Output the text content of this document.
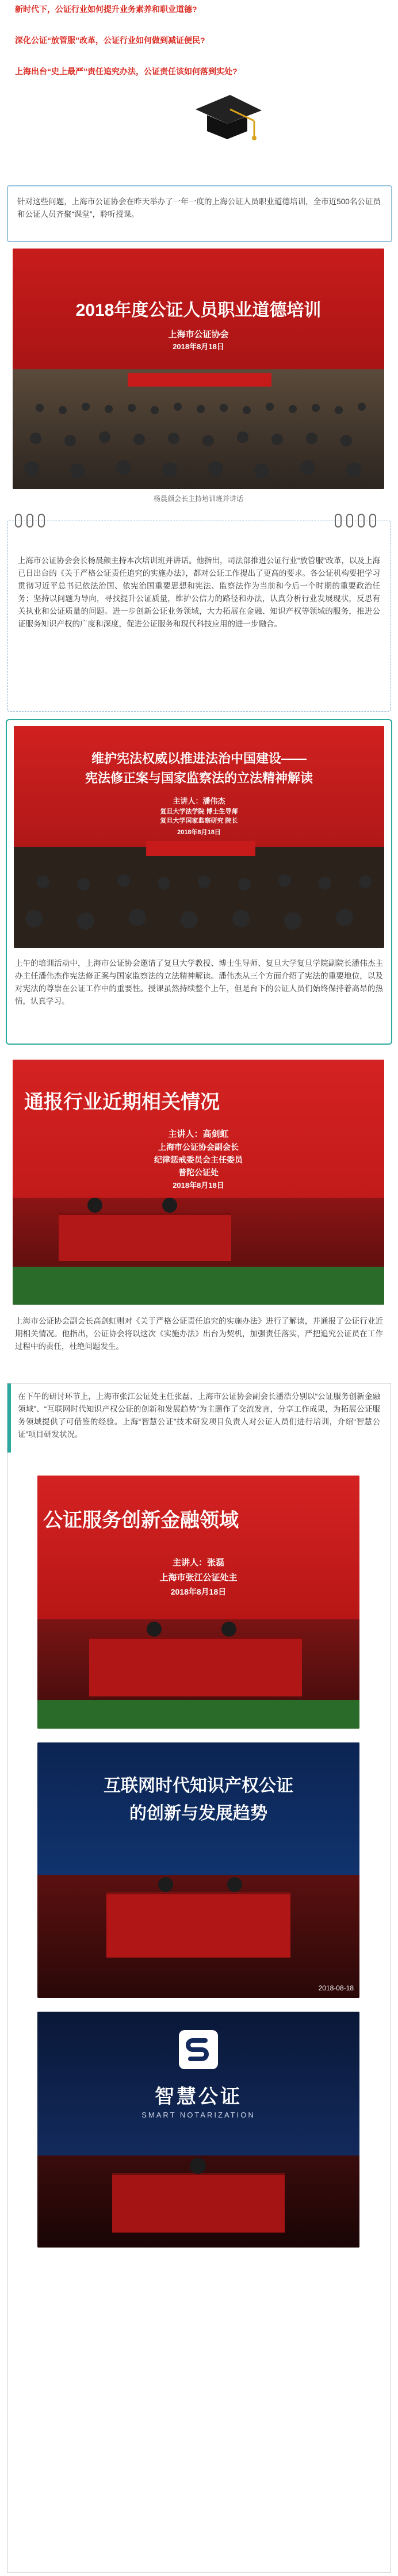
新时代下，公证行业如何提升业务素养和职业道德?
深化公证“放管服”改革，公证行业如何做到减证便民?
上海出台“史上最严”责任追究办法，公证责任该如何落到实处?
针对这些问题，上海市公证协会在昨天举办了一年一度的上海公证人员职业道德培训，全市近500名公证员和公证人员齐聚“课堂”，聆听授课。
2018年度公证人员职业道德培训
上海市公证协会
2018年8月18日
杨晨颜会长主持培训班并讲话
上海市公证协会会长杨晨颜主持本次培训班并讲话。他指出，司法部推进公证行业“放管服”改革，以及上海已日出台的《关于严格公证责任追究的实施办法》，都对公证工作提出了更高的要求。各公证机构要把学习贯彻习近平总书记依法治国、依宪治国重要思想和宪法、监察法作为当前和今后一个时期的重要政治任务；坚持以问题为导向，寻找提升公证质量，维护公信力的路径和办法，认真分析行业发展现状，反思有关执业和公证质量的问题。进一步创新公证业务领域，大力拓展在金融、知识产权等领域的服务，推进公证服务知识产权的广度和深度，促进公证服务和现代科技应用的进一步融合。
维护宪法权威以推进法治中国建设——
宪法修正案与国家监察法的立法精神解读
主讲人：潘伟杰
复旦大学法学院 博士生导师
复旦大学国家监察研究 院长
2018年8月18日
上午的培训活动中，上海市公证协会邀请了复旦大学教授、博士生导师、复旦大学复旦学院副院长潘伟杰主办主任潘伟杰作宪法修正案与国家监察法的立法精神解读。潘伟杰从三个方面介绍了宪法的重要地位，以及对宪法的尊崇在公证工作中的重要性。授课虽然持续整个上午，但是台下的公证人员们始终保持着高昂的热情，认真学习。
通报行业近期相关情况
主讲人：高剑虹
上海市公证协会副会长
纪律惩戒委员会主任委员
普陀公证处
2018年8月18日
上海市公证协会副会长高剑虹则对《关于严格公证责任追究的实施办法》进行了解读，并通报了公证行业近期相关情况。他指出，公证协会将以这次《实施办法》出台为契机，加强责任落实，严把追究公证员在工作过程中的责任，杜绝问题发生。
在下午的研讨环节上，上海市张江公证处主任张磊、上海市公证协会副会长潘浩分别以“公证服务创新金融领域”、“互联网时代知识产权公证的创新和发展趋势”为主题作了交流发言，分享工作成果，为拓展公证服务领域提供了可借鉴的经验。上海“智慧公证”技术研发项目负责人对公证人员们进行培训，介绍“智慧公证”项目研发状况。
公证服务创新金融领域
主讲人：张磊
上海市张江公证处主
2018年8月18日
互联网时代知识产权公证
的创新与发展趋势
2018-08-18
智慧公证
SMART NOTARIZATION
